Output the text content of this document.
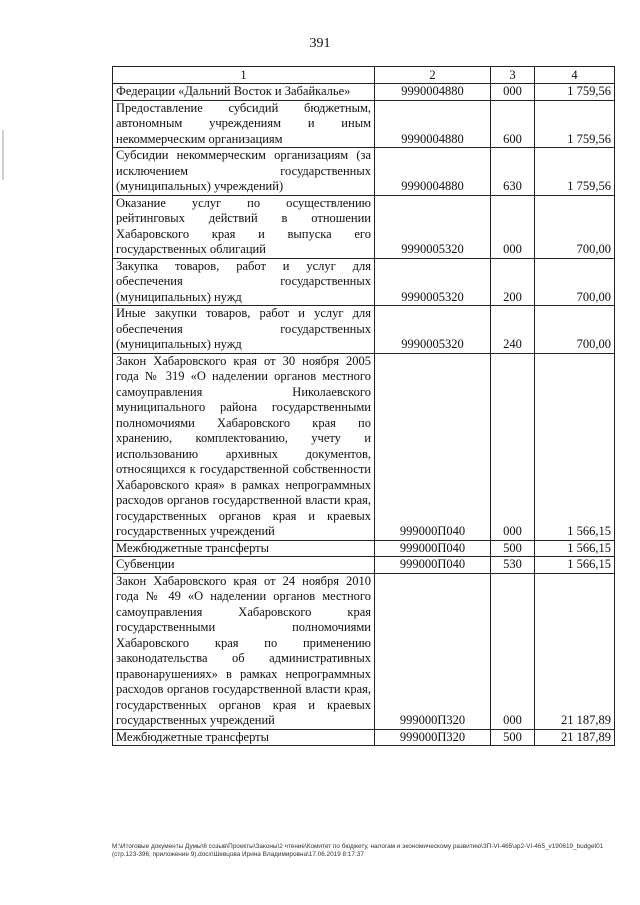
391
1	2	3	4
Федерации «Дальний Восток и Забайкалье»	9990004880	000	1 759,56
Предоставление субсидий бюджетным, автономным учреждениям и иным некоммерческим организациям	9990004880	600	1 759,56
Субсидии некоммерческим организациям (за исключением государственных (муниципальных) учреждений)	9990004880	630	1 759,56
Оказание услуг по осуществлению рейтинговых действий в отношении Хабаровского края и выпуска его государственных облигаций	9990005320	000	700,00
Закупка товаров, работ и услуг для обеспечения государственных (муниципальных) нужд	9990005320	200	700,00
Иные закупки товаров, работ и услуг для обеспечения государственных (муниципальных) нужд	9990005320	240	700,00
Закон Хабаровского края от 30 ноября 2005 года № 319 «О наделении органов местного самоуправления Николаевского муниципального района государственными полномочиями Хабаровского края по хранению, комплектованию, учету и использованию архивных документов, относящихся к государственной собственности Хабаровского края» в рамках непрограммных расходов органов государственной власти края, государственных органов края и краевых государственных учреждений	999000П040	000	1 566,15
Межбюджетные трансферты	999000П040	500	1 566,15
Субвенции	999000П040	530	1 566,15
Закон Хабаровского края от 24 ноября 2010 года № 49 «О наделении органов местного самоуправления Хабаровского края государственными полномочиями Хабаровского края по применению законодательства об административных правонарушениях» в рамках непрограммных расходов органов государственной власти края, государственных органов края и краевых государственных учреждений	999000П320	000	21 187,89
Межбюджетные трансферты	999000П320	500	21 187,89
М:\Итоговые документы Думы\6 созыв\Проекты\Законы\2 чтение\Комитет по бюджету, налогам и экономическому развитию\ЗП-VI-465\зр2-VI-465_v190619_budget01 (стр.123-396, приложение 9).docx\Шевцова Ирина Владимировна\17.06.2019 8:17:37
